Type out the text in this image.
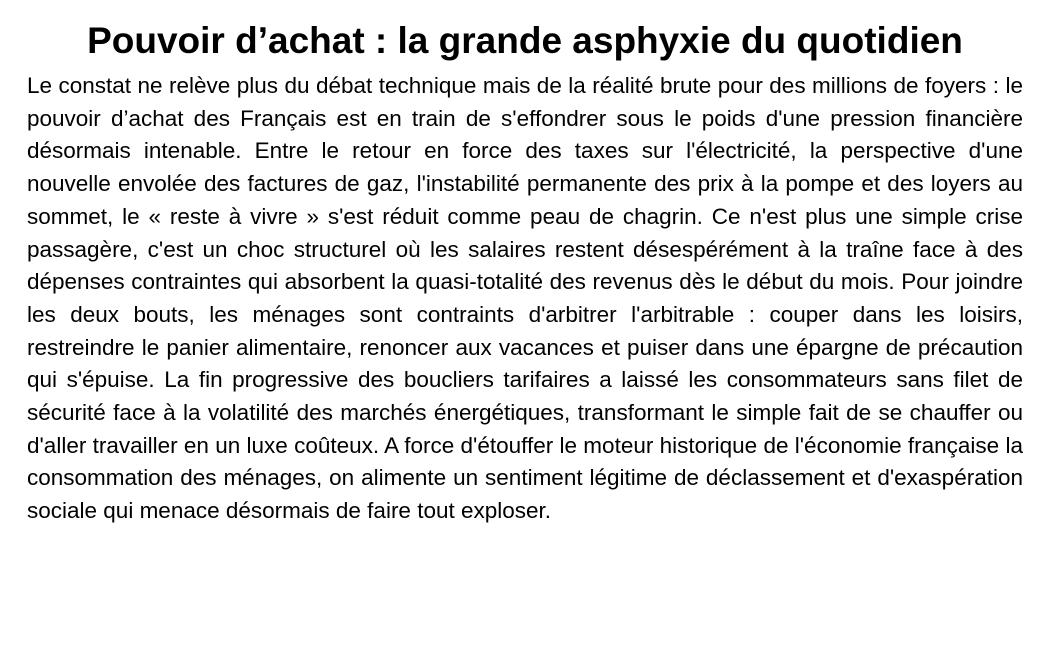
Pouvoir d’achat : la grande asphyxie du quotidien

Le constat ne relève plus du débat technique mais de la réalité brute pour des millions de foyers : le pouvoir d’achat des Français est en train de s'effondrer sous le poids d'une pression financière désormais intenable. Entre le retour en force des taxes sur l'électricité, la perspective d'une nouvelle envolée des factures de gaz, l'instabilité permanente des prix à la pompe et des loyers au sommet, le « reste à vivre » s'est réduit comme peau de chagrin. Ce n'est plus une simple crise passagère, c'est un choc structurel où les salaires restent désespérément à la traîne face à des dépenses contraintes qui absorbent la quasi-totalité des revenus dès le début du mois. Pour joindre les deux bouts, les ménages sont contraints d'arbitrer l'arbitrable : couper dans les loisirs, restreindre le panier alimentaire, renoncer aux vacances et puiser dans une épargne de précaution qui s'épuise. La fin progressive des boucliers tarifaires a laissé les consommateurs sans filet de sécurité face à la volatilité des marchés énergétiques, transformant le simple fait de se chauffer ou d'aller travailler en un luxe coûteux. A force d'étouffer le moteur historique de l'économie française la consommation des ménages, on alimente un sentiment légitime de déclassement et d'exaspération sociale qui menace désormais de faire tout exploser.
